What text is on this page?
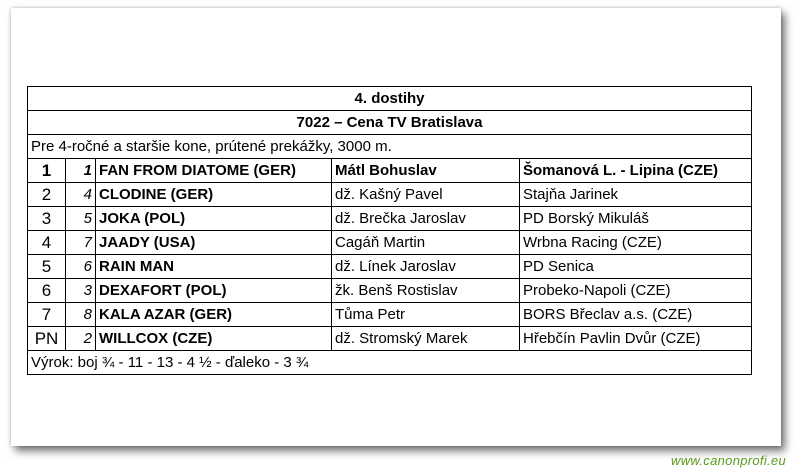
4. dostihy				
7022 – Cena TV Bratislava				
Pre 4-ročné a staršie kone, prútené prekážky, 3000 m.				
1	1	FAN FROM DIATOME (GER)	Mátl Bohuslav	Šomanová L. - Lipina (CZE)
2	4	CLODINE (GER)	dž. Kašný Pavel	Stajňa Jarinek
3	5	JOKA (POL)	dž. Brečka Jaroslav	PD Borský Mikuláš
4	7	JAADY (USA)	Cagáň Martin	Wrbna Racing (CZE)
5	6	RAIN MAN	dž. Línek Jaroslav	PD Senica
6	3	DEXAFORT (POL)	žk. Benš Rostislav	Probeko-Napoli (CZE)
7	8	KALA AZAR (GER)	Tůma Petr	BORS Břeclav a.s. (CZE)
PN	2	WILLCOX (CZE)	dž. Stromský Marek	Hřebčín Pavlin Dvůr (CZE)
Výrok: boj ¾ - 11 - 13 - 4 ½ - ďaleko - 3 ¾				
www.canonprofi.eu
